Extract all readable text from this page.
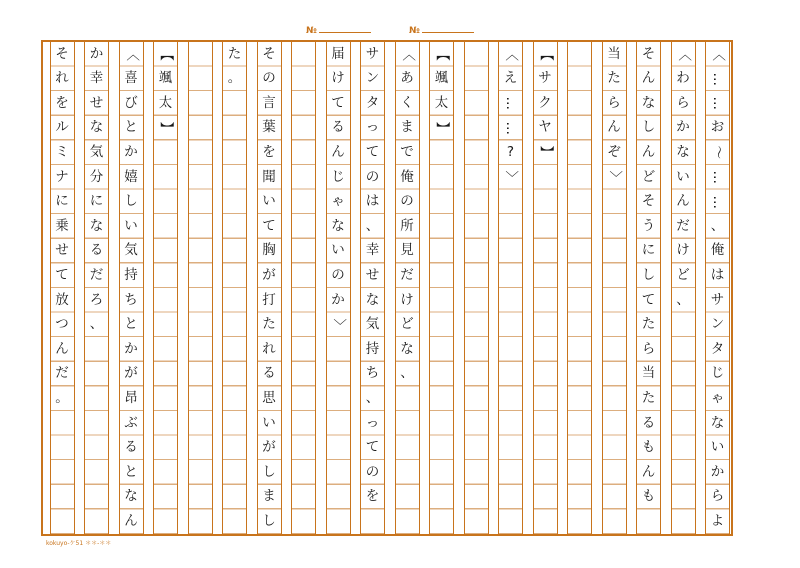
№	№
〈
…
…
お
〜
…
…
、
俺
は
サ
ン
タ
じ
ゃ
な
い
か
ら
よ
〈
わ
ら
か
な
い
ん
だ
け
ど
、
そ
ん
な
し
ん
ど
そ
う
に
し
て
た
ら
当
た
る
も
ん
も
当
た
ら
ん
ぞ
〉
【
サ
ク
ヤ
】
〈
え
…
…
?
〉
【
颯
太
】
〈
あ
く
ま
で
俺
の
所
見
だ
け
ど
な
、
サ
ン
タ
っ
て
の
は
、
幸
せ
な
気
持
ち
、
っ
て
の
を
届
け
て
る
ん
じ
ゃ
な
い
の
か
〉
そ
の
言
葉
を
聞
い
て
胸
が
打
た
れ
る
思
い
が
し
ま
し
た
。
【
颯
太
】
〈
喜
び
と
か
嬉
し
い
気
持
ち
と
か
が
昂
ぶ
る
と
な
ん
か
幸
せ
な
気
分
に
な
る
だ
ろ
、
そ
れ
を
ル
ミ
ナ
に
乗
せ
て
放
つ
ん
だ
。
kokuyo-ケ51 ＊＊-＊＊
